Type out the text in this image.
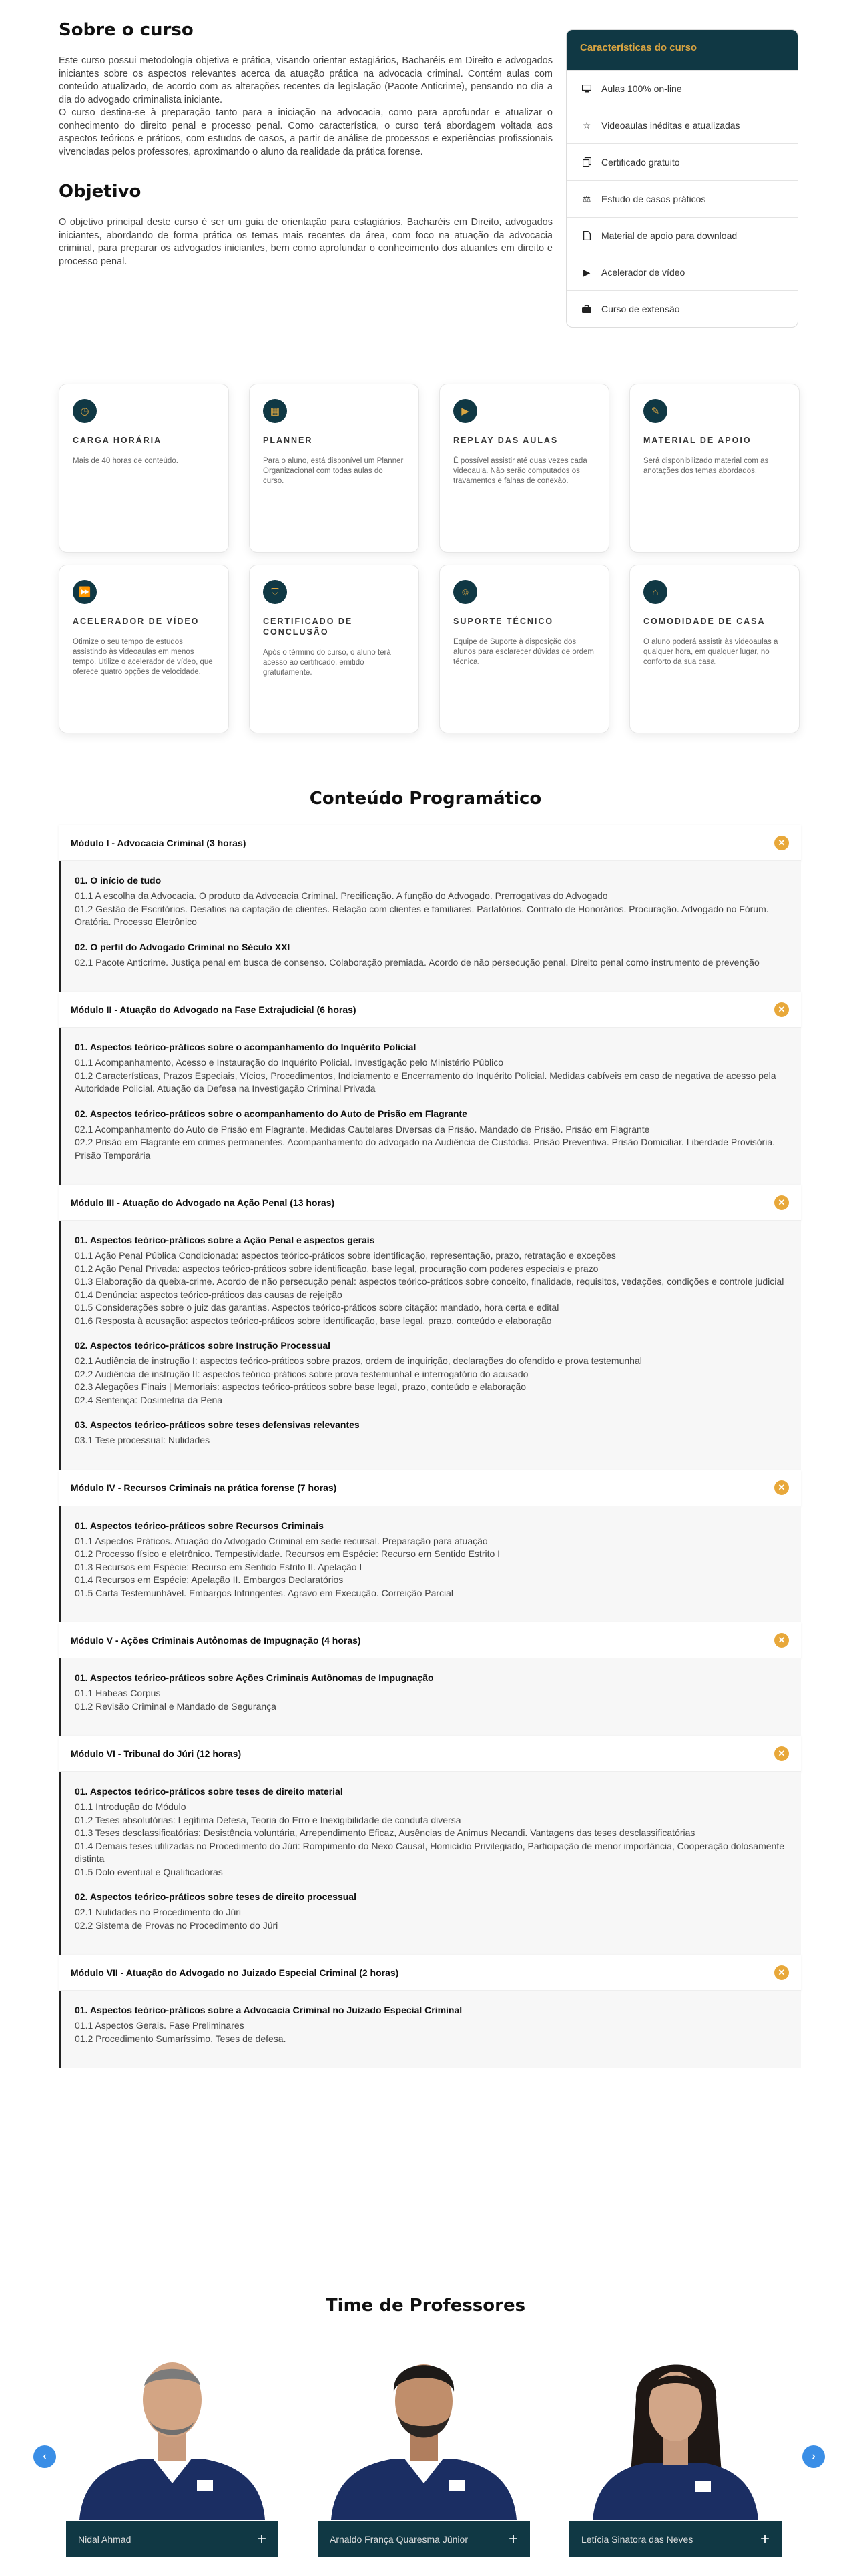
Sobre o curso

Este curso possui metodologia objetiva e prática, visando orientar estagiários, Bacharéis em Direito e advogados iniciantes sobre os aspectos relevantes acerca da atuação prática na advocacia criminal. Contém aulas com conteúdo atualizado, de acordo com as alterações recentes da legislação (Pacote Anticrime), pensando no dia a dia do advogado criminalista iniciante.

O curso destina-se à preparação tanto para a iniciação na advocacia, como para aprofundar e atualizar o conhecimento do direito penal e processo penal. Como característica, o curso terá abordagem voltada aos aspectos teóricos e práticos, com estudos de casos, a partir de análise de processos e experiências profissionais vivenciadas pelos professores, aproximando o aluno da realidade da prática forense.

Objetivo

O objetivo principal deste curso é ser um guia de orientação para estagiários, Bacharéis em Direito, advogados iniciantes, abordando de forma prática os temas mais recentes da área, com foco na atuação da advocacia criminal, para preparar os advogados iniciantes, bem como aprofundar o conhecimento dos atuantes em direito e processo penal.

Características do curso
Aulas 100% on-line
☆ Videoaulas inéditas e atualizadas
Certificado gratuito
⚖ Estudo de casos práticos
Material de apoio para download
▶ Acelerador de vídeo
Curso de extensão
◷
CARGA HORÁRIA
Mais de 40 horas de conteúdo.
▦
PLANNER
Para o aluno, está disponível um Planner Organizacional com todas aulas do curso.
▶
REPLAY DAS AULAS
É possível assistir até duas vezes cada videoaula. Não serão computados os travamentos e falhas de conexão.
✎
MATERIAL DE APOIO
Será disponibilizado material com as anotações dos temas abordados.
⏩
ACELERADOR DE VÍDEO
Otimize o seu tempo de estudos assistindo às videoaulas em menos tempo. Utilize o acelerador de vídeo, que oferece quatro opções de velocidade.
⛉
CERTIFICADO DE CONCLUSÃO
Após o término do curso, o aluno terá acesso ao certificado, emitido gratuitamente.
☺
SUPORTE TÉCNICO
Equipe de Suporte à disposição dos alunos para esclarecer dúvidas de ordem técnica.
⌂
COMODIDADE DE CASA
O aluno poderá assistir às videoaulas a qualquer hora, em qualquer lugar, no conforto da sua casa.
Conteúdo Programático
Módulo I - Advocacia Criminal (3 horas)	✕
01. O início de tudo
01.1 A escolha da Advocacia. O produto da Advocacia Criminal. Precificação. A função do Advogado. Prerrogativas do Advogado
01.2 Gestão de Escritórios. Desafios na captação de clientes. Relação com clientes e familiares. Parlatórios. Contrato de Honorários. Procuração. Advogado no Fórum. Oratória. Processo Eletrônico
02. O perfil do Advogado Criminal no Século XXI
02.1 Pacote Anticrime. Justiça penal em busca de consenso. Colaboração premiada. Acordo de não persecução penal. Direito penal como instrumento de prevenção
Módulo II - Atuação do Advogado na Fase Extrajudicial (6 horas)	✕
01. Aspectos teórico-práticos sobre o acompanhamento do Inquérito Policial
01.1 Acompanhamento, Acesso e Instauração do Inquérito Policial. Investigação pelo Ministério Público
01.2 Características, Prazos Especiais, Vícios, Procedimentos, Indiciamento e Encerramento do Inquérito Policial. Medidas cabíveis em caso de negativa de acesso pela Autoridade Policial. Atuação da Defesa na Investigação Criminal Privada
02. Aspectos teórico-práticos sobre o acompanhamento do Auto de Prisão em Flagrante
02.1 Acompanhamento do Auto de Prisão em Flagrante. Medidas Cautelares Diversas da Prisão. Mandado de Prisão. Prisão em Flagrante
02.2 Prisão em Flagrante em crimes permanentes. Acompanhamento do advogado na Audiência de Custódia. Prisão Preventiva. Prisão Domiciliar. Liberdade Provisória. Prisão Temporária
Módulo III - Atuação do Advogado na Ação Penal (13 horas)	✕
01. Aspectos teórico-práticos sobre a Ação Penal e aspectos gerais
01.1 Ação Penal Pública Condicionada: aspectos teórico-práticos sobre identificação, representação, prazo, retratação e exceções
01.2 Ação Penal Privada: aspectos teórico-práticos sobre identificação, base legal, procuração com poderes especiais e prazo
01.3 Elaboração da queixa-crime. Acordo de não persecução penal: aspectos teórico-práticos sobre conceito, finalidade, requisitos, vedações, condições e controle judicial
01.4 Denúncia: aspectos teórico-práticos das causas de rejeição
01.5 Considerações sobre o juiz das garantias. Aspectos teórico-práticos sobre citação: mandado, hora certa e edital
01.6 Resposta à acusação: aspectos teórico-práticos sobre identificação, base legal, prazo, conteúdo e elaboração
02. Aspectos teórico-práticos sobre Instrução Processual
02.1 Audiência de instrução I: aspectos teórico-práticos sobre prazos, ordem de inquirição, declarações do ofendido e prova testemunhal
02.2 Audiência de instrução II: aspectos teórico-práticos sobre prova testemunhal e interrogatório do acusado
02.3 Alegações Finais | Memoriais: aspectos teórico-práticos sobre base legal, prazo, conteúdo e elaboração
02.4 Sentença: Dosimetria da Pena
03. Aspectos teórico-práticos sobre teses defensivas relevantes
03.1 Tese processual: Nulidades
Módulo IV - Recursos Criminais na prática forense (7 horas)	✕
01. Aspectos teórico-práticos sobre Recursos Criminais
01.1 Aspectos Práticos. Atuação do Advogado Criminal em sede recursal. Preparação para atuação
01.2 Processo físico e eletrônico. Tempestividade. Recursos em Espécie: Recurso em Sentido Estrito I
01.3 Recursos em Espécie: Recurso em Sentido Estrito II. Apelação I
01.4 Recursos em Espécie: Apelação II. Embargos Declaratórios
01.5 Carta Testemunhável. Embargos Infringentes. Agravo em Execução. Correição Parcial
Módulo V - Ações Criminais Autônomas de Impugnação (4 horas)	✕
01. Aspectos teórico-práticos sobre Ações Criminais Autônomas de Impugnação
01.1 Habeas Corpus
01.2 Revisão Criminal e Mandado de Segurança
Módulo VI - Tribunal do Júri (12 horas)	✕
01. Aspectos teórico-práticos sobre teses de direito material
01.1 Introdução do Módulo
01.2 Teses absolutórias: Legítima Defesa, Teoria do Erro e Inexigibilidade de conduta diversa
01.3 Teses desclassificatórias: Desistência voluntária, Arrependimento Eficaz, Ausências de Animus Necandi. Vantagens das teses desclassificatórias
01.4 Demais teses utilizadas no Procedimento do Júri: Rompimento do Nexo Causal, Homicídio Privilegiado, Participação de menor importância, Cooperação dolosamente distinta
01.5 Dolo eventual e Qualificadoras
02. Aspectos teórico-práticos sobre teses de direito processual
02.1 Nulidades no Procedimento do Júri
02.2 Sistema de Provas no Procedimento do Júri
Módulo VII - Atuação do Advogado no Juizado Especial Criminal (2 horas)	✕
01. Aspectos teórico-práticos sobre a Advocacia Criminal no Juizado Especial Criminal
01.1 Aspectos Gerais. Fase Preliminares
01.2 Procedimento Sumaríssimo. Teses de defesa.
Time de Professores
‹	›
Nidal Ahmad	+	Arnaldo França Quaresma Júnior	+	Letícia Sinatora das Neves	+
